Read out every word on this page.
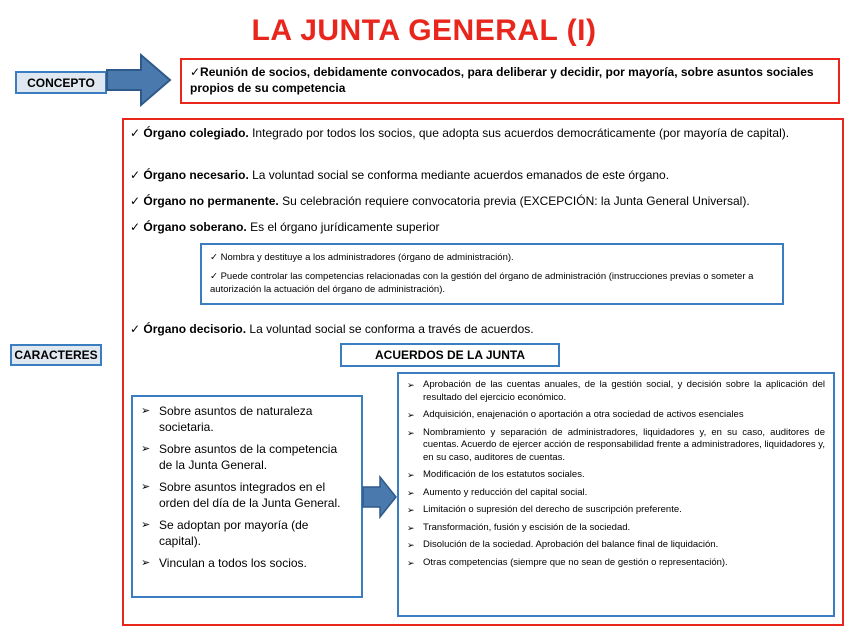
LA JUNTA GENERAL (I)
CONCEPTO
✓Reunión de socios, debidamente convocados, para deliberar y decidir, por mayoría, sobre asuntos sociales propios de su competencia
CARACTERES
✓ Órgano colegiado. Integrado por todos los socios, que adopta sus acuerdos democráticamente (por mayoría de capital).
✓ Órgano necesario. La voluntad social se conforma mediante acuerdos emanados de este órgano.
✓ Órgano no permanente. Su celebración requiere convocatoria previa (EXCEPCIÓN: la Junta General Universal).
✓ Órgano soberano. Es el órgano jurídicamente superior
✓ Nombra y destituye a los administradores (órgano de administración).
✓ Puede controlar las competencias relacionadas con la gestión del órgano de administración (instrucciones previas o someter a autorización la actuación del órgano de administración).
✓ Órgano decisorio. La voluntad social se conforma a través de acuerdos.
ACUERDOS DE LA JUNTA
➢ Sobre asuntos de naturaleza societaria.
➢ Sobre asuntos de la competencia de la Junta General.
➢ Sobre asuntos integrados en el orden del día de la Junta General.
➢ Se adoptan por mayoría (de capital).
➢ Vinculan a todos los socios.
➢ Aprobación de las cuentas anuales, de la gestión social, y decisión sobre la aplicación del resultado del ejercicio económico.
➢ Adquisición, enajenación o aportación a otra sociedad de activos esenciales
➢ Nombramiento y separación de administradores, liquidadores y, en su caso, auditores de cuentas. Acuerdo de ejercer acción de responsabilidad frente a administradores, liquidadores y, en su caso, auditores de cuentas.
➢ Modificación de los estatutos sociales.
➢ Aumento y reducción del capital social.
➢ Limitación o supresión del derecho de suscripción preferente.
➢ Transformación, fusión y escisión de la sociedad.
➢ Disolución de la sociedad. Aprobación del balance final de liquidación.
➢ Otras competencias (siempre que no sean de gestión o representación).
